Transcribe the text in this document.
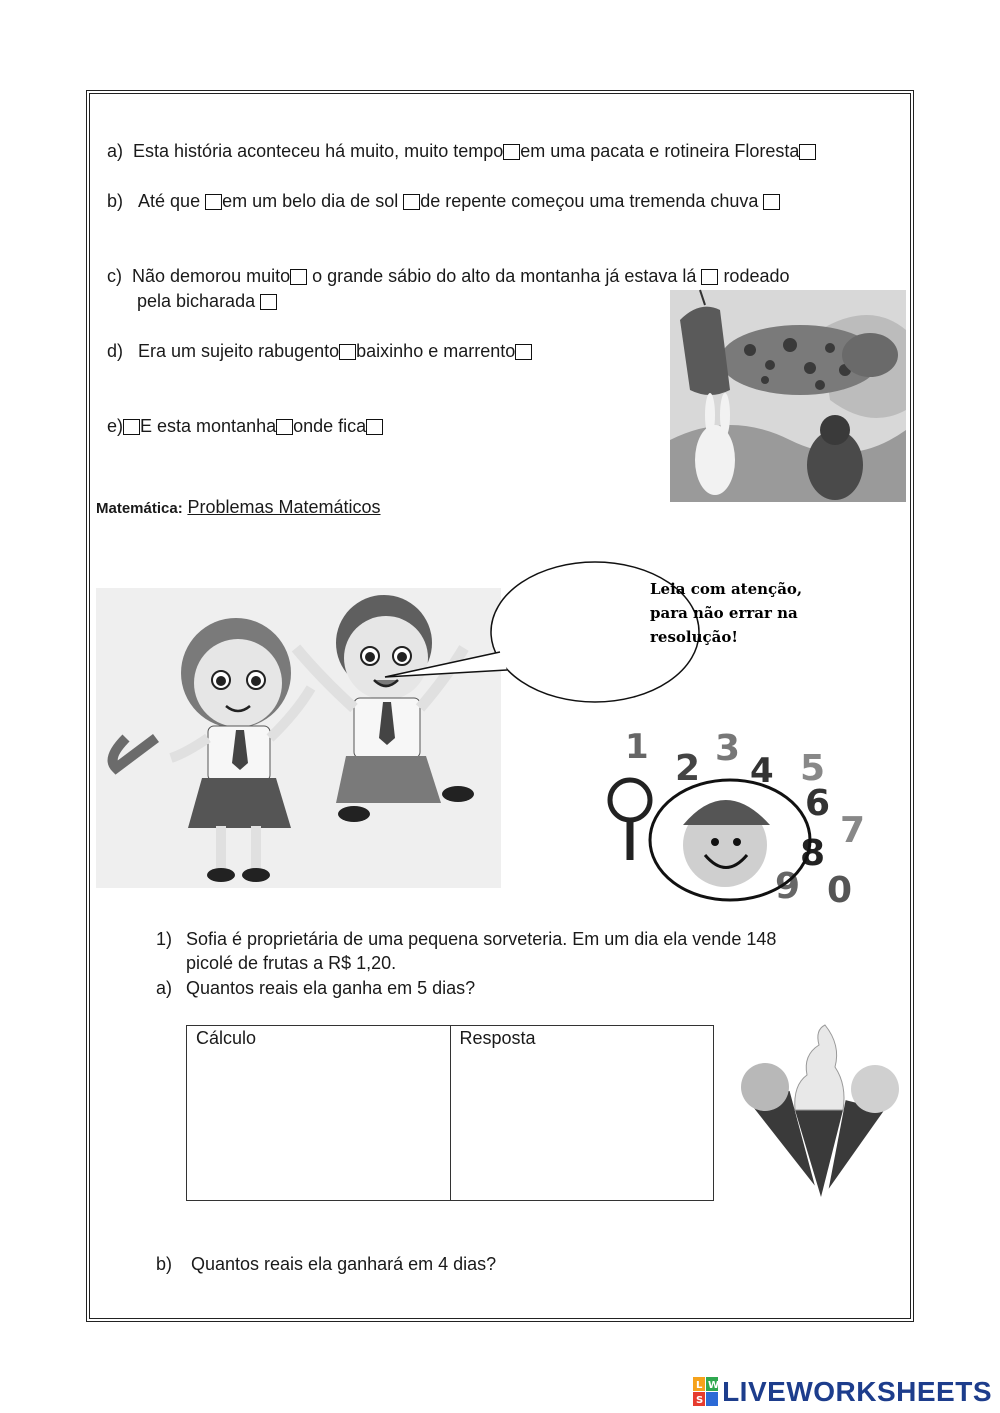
a) Esta história aconteceu há muito, muito tempo em uma pacata e rotineira Floresta
b) Até que em um belo dia de sol de repente começou uma tremenda chuva
c) Não demorou muito o grande sábio do alto da montanha já estava lá rodeado
pela bicharada
d) Era um sujeito rabugento baixinho e marrento
e) E esta montanha onde fica
Matemática: Problemas Matemáticos
Leia com atenção,
para não errar na
resolução!
1
2 3
4 5
6
7
8
9 0
1) Sofia é proprietária de uma pequena sorveteria. Em um dia ela vende 148
picolé de frutas a R$ 1,20.
a) Quantos reais ela ganha em 5 dias?
Cálculo	Resposta
b) Quantos reais ela ganhará em 4 dias?
L W
S LIVEWORKSHEETS
